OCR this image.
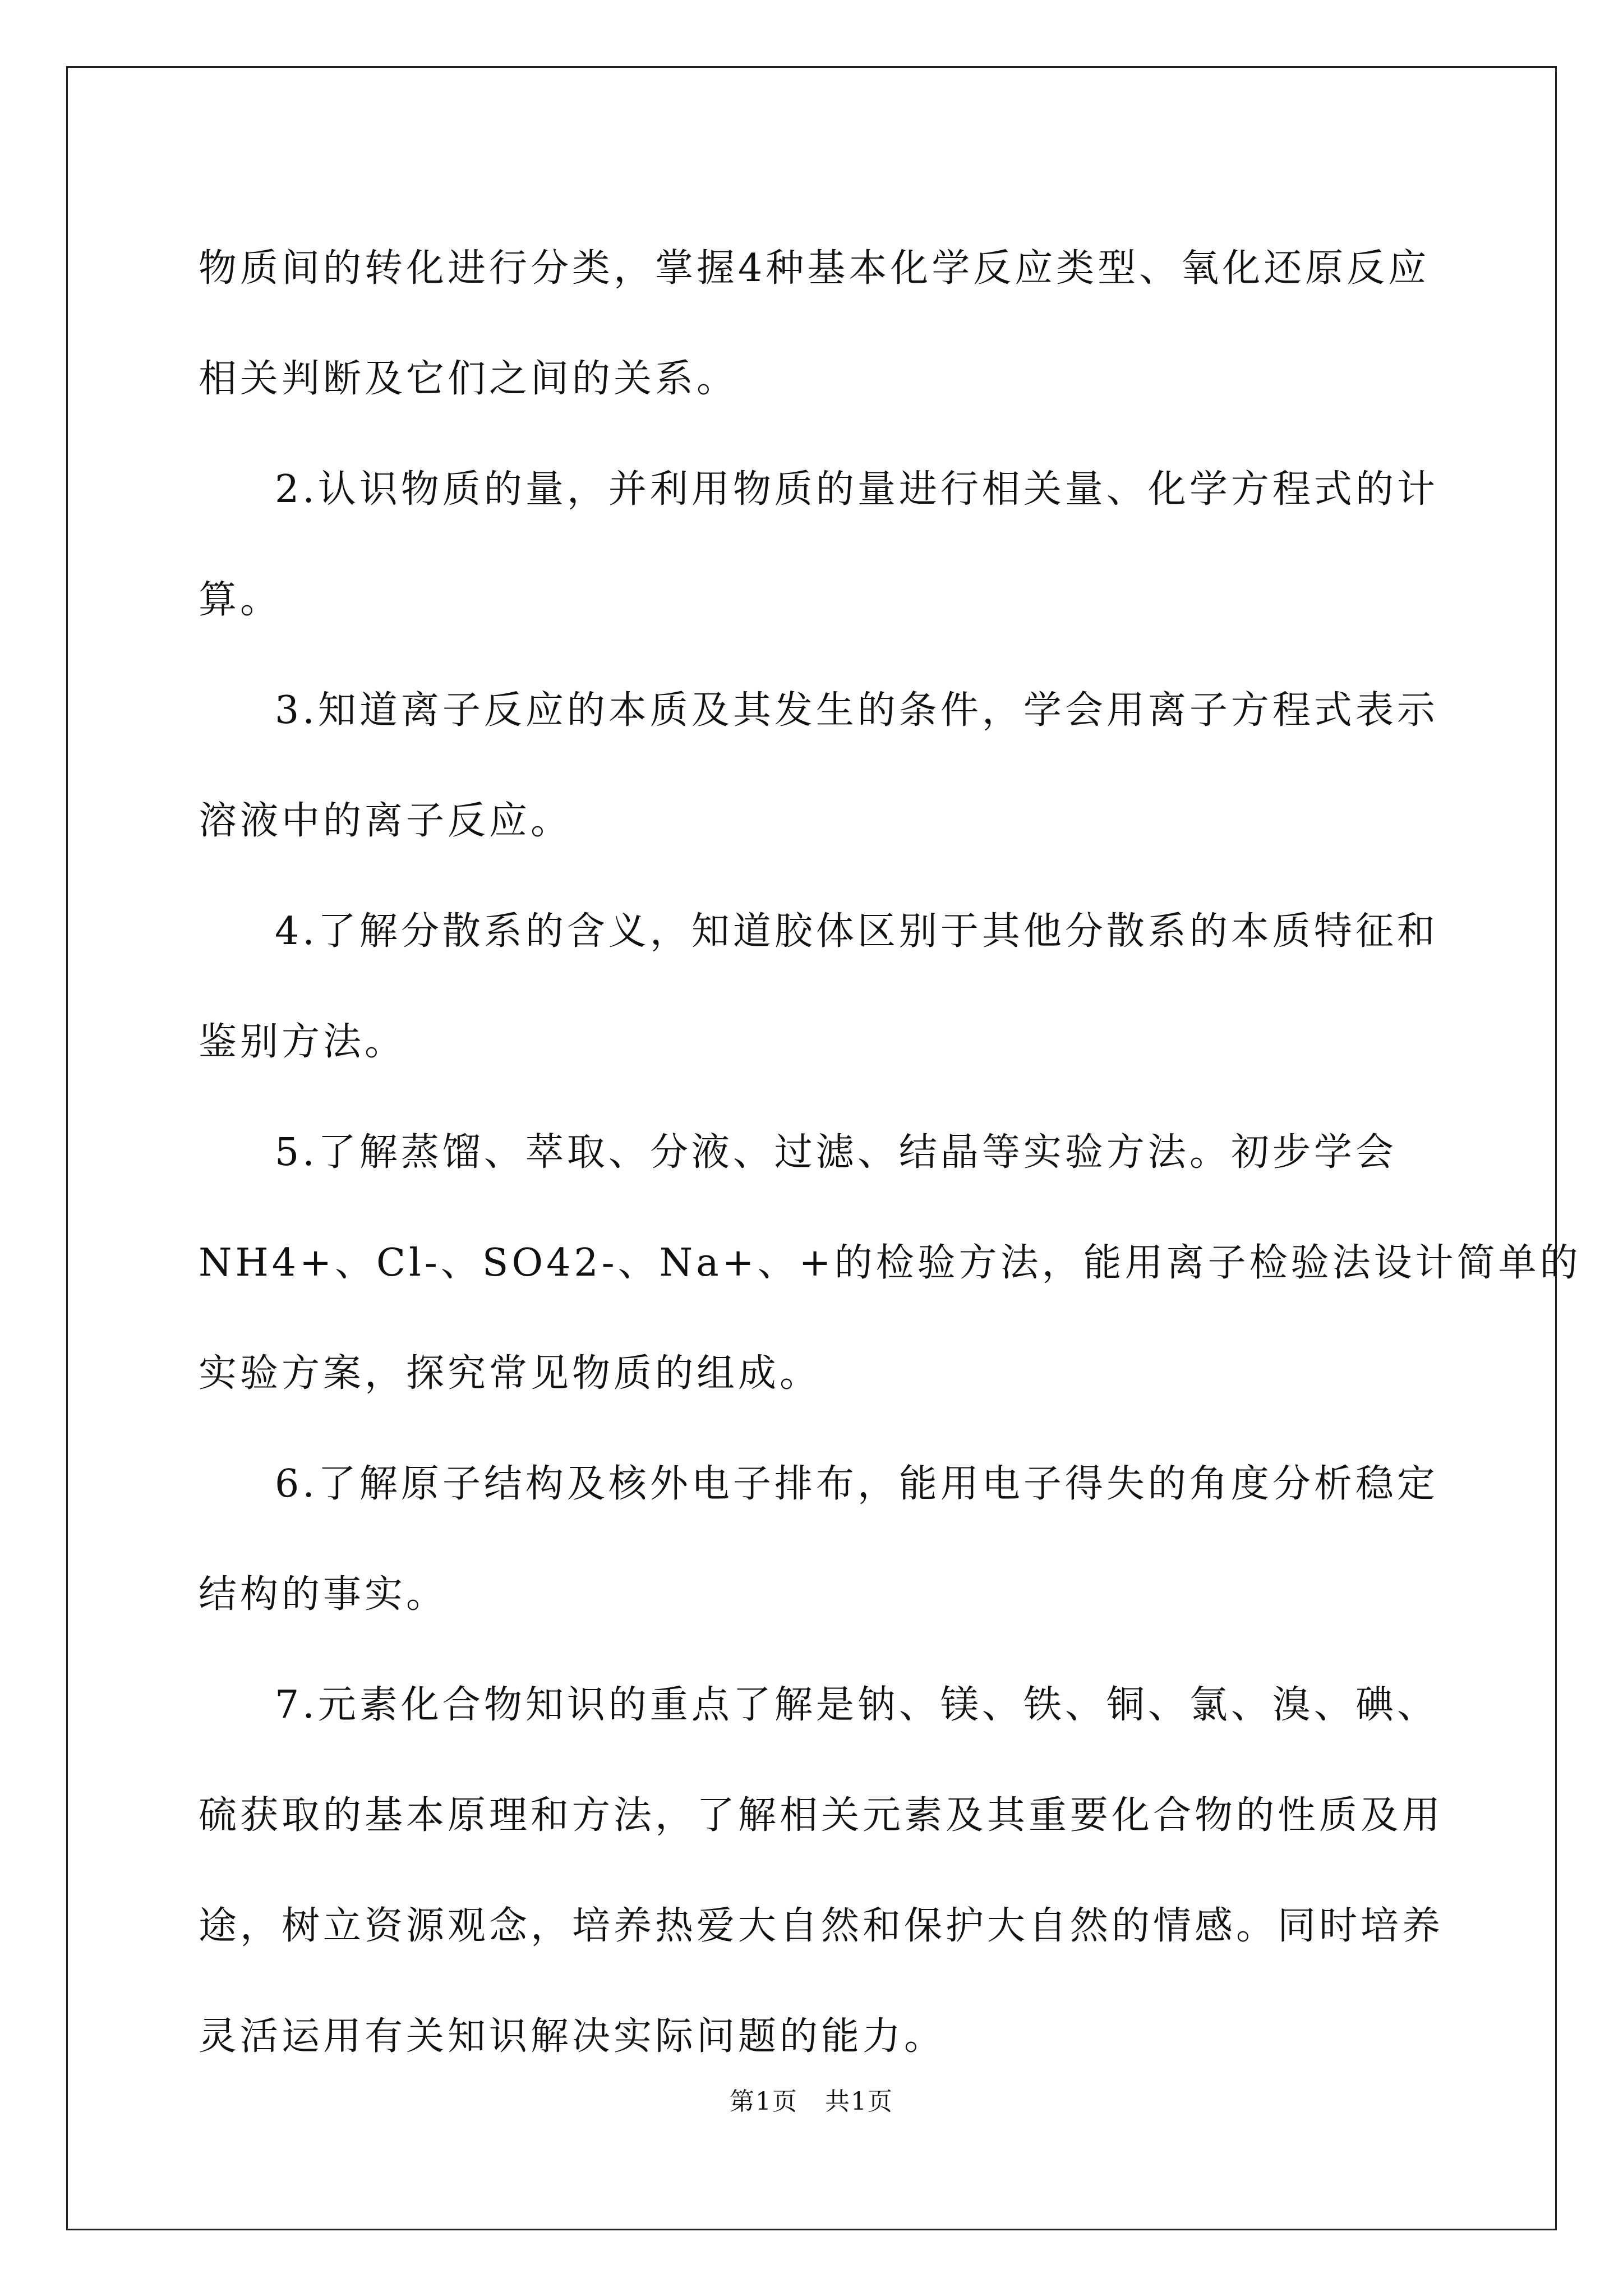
物质间的转化进行分类，掌握4种基本化学反应类型、氧化还原反应
相关判断及它们之间的关系。
2.认识物质的量，并利用物质的量进行相关量、化学方程式的计
算。
3.知道离子反应的本质及其发生的条件，学会用离子方程式表示
溶液中的离子反应。
4.了解分散系的含义，知道胶体区别于其他分散系的本质特征和
鉴别方法。
5.了解蒸馏、萃取、分液、过滤、结晶等实验方法。初步学会
NH4+、Cl-、SO42-、Na+、+的检验方法，能用离子检验法设计简单的
实验方案，探究常见物质的组成。
6.了解原子结构及核外电子排布，能用电子得失的角度分析稳定
结构的事实。
7.元素化合物知识的重点了解是钠、镁、铁、铜、氯、溴、碘、
硫获取的基本原理和方法，了解相关元素及其重要化合物的性质及用
途，树立资源观念，培养热爱大自然和保护大自然的情感。同时培养
灵活运用有关知识解决实际问题的能力。
第1页 共1页
